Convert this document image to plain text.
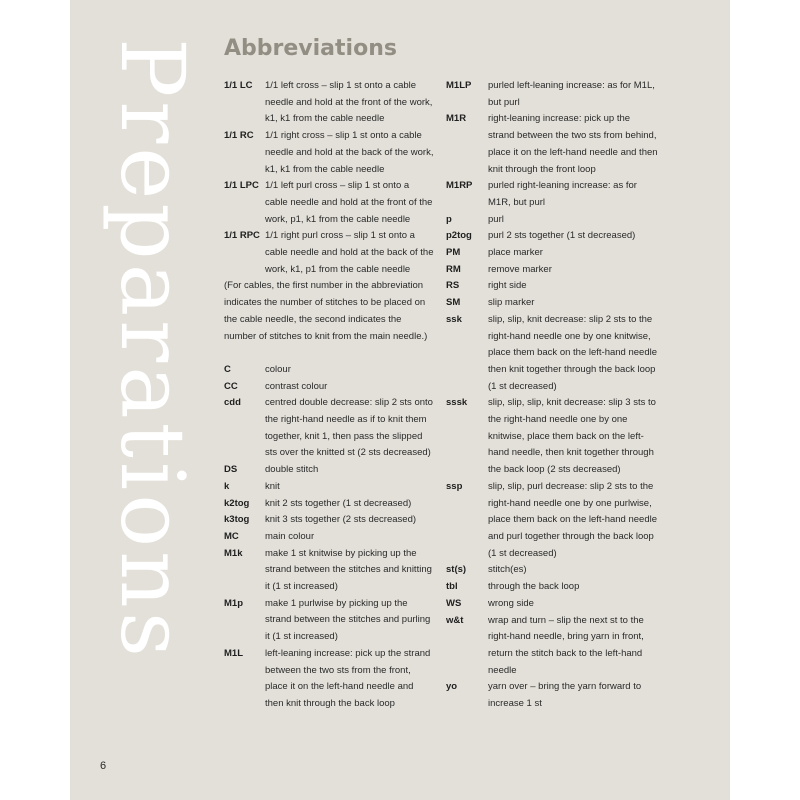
Preparations Abbreviations
1/1 LC	1/1 left cross – slip 1 st onto a cable needle and hold at the front of the work, k1, k1 from the cable needle
1/1 RC	1/1 right cross – slip 1 st onto a cable needle and hold at the back of the work, k1, k1 from the cable needle
1/1 LPC 1/1 left purl cross – slip 1 st onto a cable needle and hold at the front of the work, p1, k1 from the cable needle
1/1 RPC 1/1 right purl cross – slip 1 st onto a cable needle and hold at the back of the work, k1, p1 from the cable needle
(For cables, the first number in the abbreviation indicates the number of stitches to be placed on the cable needle, the second indicates the number of stitches to knit from the main needle.)
C	colour
CC	contrast colour
cdd	centred double decrease: slip 2 sts onto the right-hand needle as if to knit them together, knit 1, then pass the slipped sts over the knitted st (2 sts decreased)
DS	double stitch
k	knit
k2tog	knit 2 sts together (1 st decreased)
k3tog	knit 3 sts together (2 sts decreased)
MC	main colour
M1k	make 1 st knitwise by picking up the strand between the stitches and knitting it (1 st increased)
M1p	make 1 purlwise by picking up the strand between the stitches and purling it (1 st increased)
M1L	left-leaning increase: pick up the strand between the two sts from the front, place it on the left-hand needle and then knit through the back loop
M1LP	purled left-leaning increase: as for M1L, but purl
M1R	right-leaning increase: pick up the strand between the two sts from behind, place it on the left-hand needle and then knit through the front loop
M1RP	purled right-leaning increase: as for M1R, but purl
p	purl
p2tog	purl 2 sts together (1 st decreased)
PM	place marker
RM	remove marker
RS	right side
SM	slip marker
ssk	slip, slip, knit decrease: slip 2 sts to the right-hand needle one by one knitwise, place them back on the left-hand needle then knit together through the back loop (1 st decreased)
sssk	slip, slip, slip, knit decrease: slip 3 sts to the right-hand needle one by one knitwise, place them back on the left-hand needle, then knit together through the back loop (2 sts decreased)
ssp	slip, slip, purl decrease: slip 2 sts to the right-hand needle one by one purlwise, place them back on the left-hand needle and purl together through the back loop (1 st decreased)
st(s)	stitch(es)
tbl	through the back loop
WS	wrong side
w&t	wrap and turn – slip the next st to the right-hand needle, bring yarn in front, return the stitch back to the left-hand needle
yo	yarn over – bring the yarn forward to increase 1 st
6
